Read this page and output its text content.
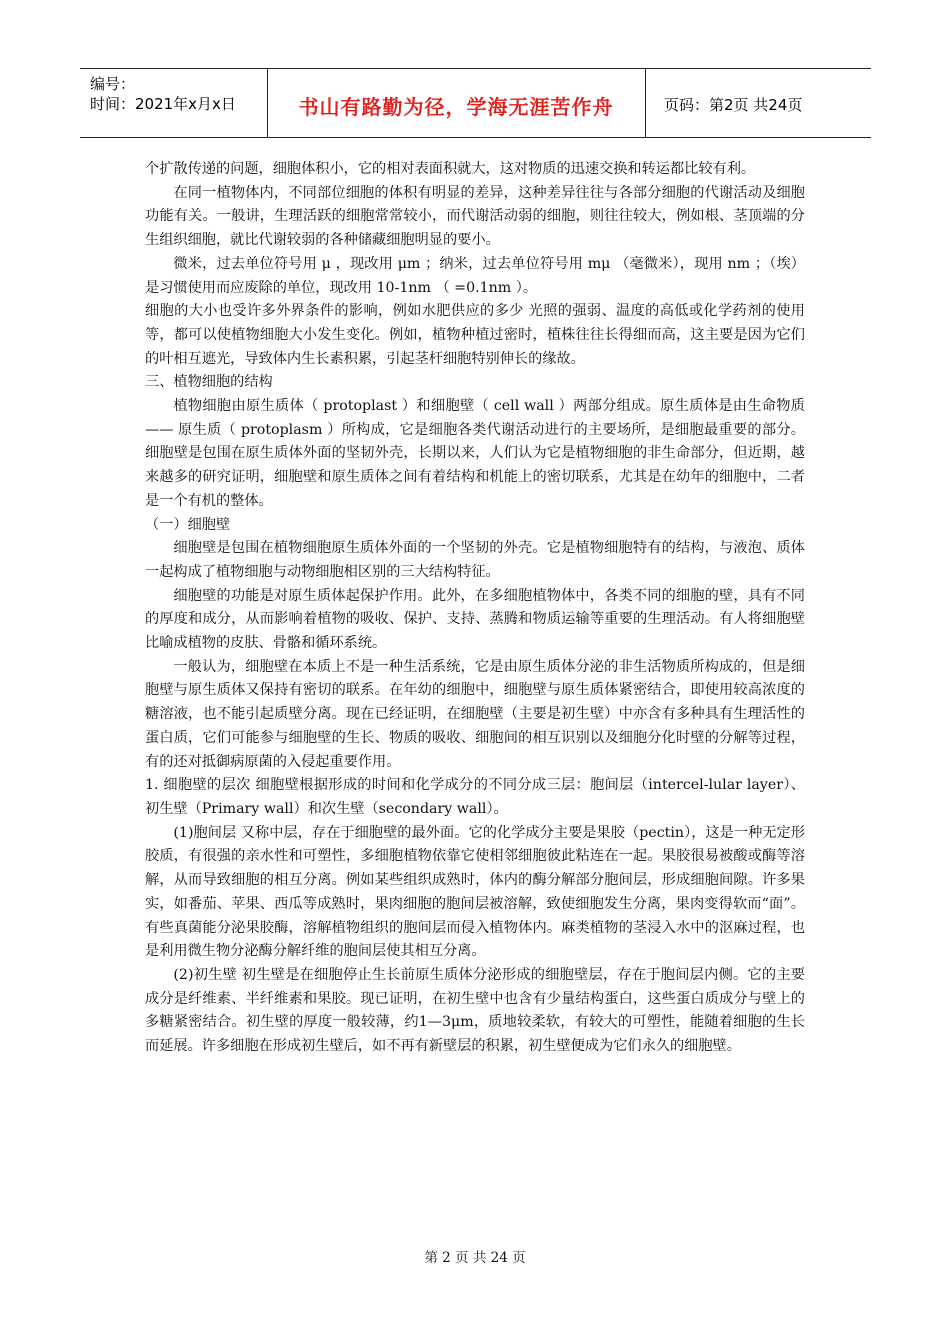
编号：
时间：2021年x月x日	书山有路勤为径，学海无涯苦作舟	页码：第2页 共24页

个扩散传递的问题，细胞体积小，它的相对表面积就大，这对物质的迅速交换和转运都比较有利。

在同一植物体内，不同部位细胞的体积有明显的差异，这种差异往往与各部分细胞的代谢活动及细胞功能有关。一般讲，生理活跃的细胞常常较小，而代谢活动弱的细胞，则往往较大，例如根、茎顶端的分生组织细胞，就比代谢较弱的各种储藏细胞明显的要小。

微米，过去单位符号用 μ ，现改用 μm ；纳米，过去单位符号用 mμ （毫微米），现用 nm ；（埃）是习惯使用而应废除的单位，现改用 10-1nm （ =0.1nm ）。

细胞的大小也受许多外界条件的影响，例如水肥供应的多少 光照的强弱、温度的高低或化学药剂的使用等，都可以使植物细胞大小发生变化。例如，植物种植过密时，植株往往长得细而高，这主要是因为它们的叶相互遮光，导致体内生长素积累，引起茎杆细胞特别伸长的缘故。

三、植物细胞的结构

植物细胞由原生质体（ protoplast ）和细胞壁（ cell wall ）两部分组成。原生质体是由生命物质 —— 原生质（ protoplasm ）所构成，它是细胞各类代谢活动进行的主要场所，是细胞最重要的部分。细胞壁是包围在原生质体外面的坚韧外壳，长期以来，人们认为它是植物细胞的非生命部分，但近期，越来越多的研究证明，细胞壁和原生质体之间有着结构和机能上的密切联系，尤其是在幼年的细胞中，二者是一个有机的整体。

（一）细胞壁

细胞壁是包围在植物细胞原生质体外面的一个坚韧的外壳。它是植物细胞特有的结构，与液泡、质体一起构成了植物细胞与动物细胞相区别的三大结构特征。

细胞壁的功能是对原生质体起保护作用。此外，在多细胞植物体中，各类不同的细胞的壁，具有不同的厚度和成分，从而影响着植物的吸收、保护、支持、蒸腾和物质运输等重要的生理活动。有人将细胞壁比喻成植物的皮肤、骨骼和循环系统。

一般认为，细胞壁在本质上不是一种生活系统，它是由原生质体分泌的非生活物质所构成的，但是细胞壁与原生质体又保持有密切的联系。在年幼的细胞中，细胞壁与原生质体紧密结合，即使用较高浓度的糖溶液，也不能引起质壁分离。现在已经证明，在细胞壁（主要是初生壁）中亦含有多种具有生理活性的蛋白质，它们可能参与细胞壁的生长、物质的吸收、细胞间的相互识别以及细胞分化时壁的分解等过程，有的还对抵御病原菌的入侵起重要作用。

1. 细胞壁的层次 细胞壁根据形成的时间和化学成分的不同分成三层：胞间层（intercel-lular layer）、初生壁（Primary wall）和次生壁（secondary wall）。

(1)胞间层 又称中层，存在于细胞壁的最外面。它的化学成分主要是果胶（pectin），这是一种无定形胶质，有很强的亲水性和可塑性，多细胞植物依靠它使相邻细胞彼此粘连在一起。果胶很易被酸或酶等溶解，从而导致细胞的相互分离。例如某些组织成熟时，体内的酶分解部分胞间层，形成细胞间隙。许多果实，如番茄、苹果、西瓜等成熟时，果肉细胞的胞间层被溶解，致使细胞发生分离，果肉变得软而“面”。有些真菌能分泌果胶酶，溶解植物组织的胞间层而侵入植物体内。麻类植物的茎浸入水中的沤麻过程，也是利用微生物分泌酶分解纤维的胞间层使其相互分离。

(2)初生壁 初生壁是在细胞停止生长前原生质体分泌形成的细胞壁层，存在于胞间层内侧。它的主要成分是纤维素、半纤维素和果胶。现已证明，在初生壁中也含有少量结构蛋白，这些蛋白质成分与壁上的多糖紧密结合。初生壁的厚度一般较薄，约1—3μm，质地较柔软，有较大的可塑性，能随着细胞的生长而延展。许多细胞在形成初生壁后，如不再有新壁层的积累，初生壁便成为它们永久的细胞壁。

第 2 页 共 24 页
